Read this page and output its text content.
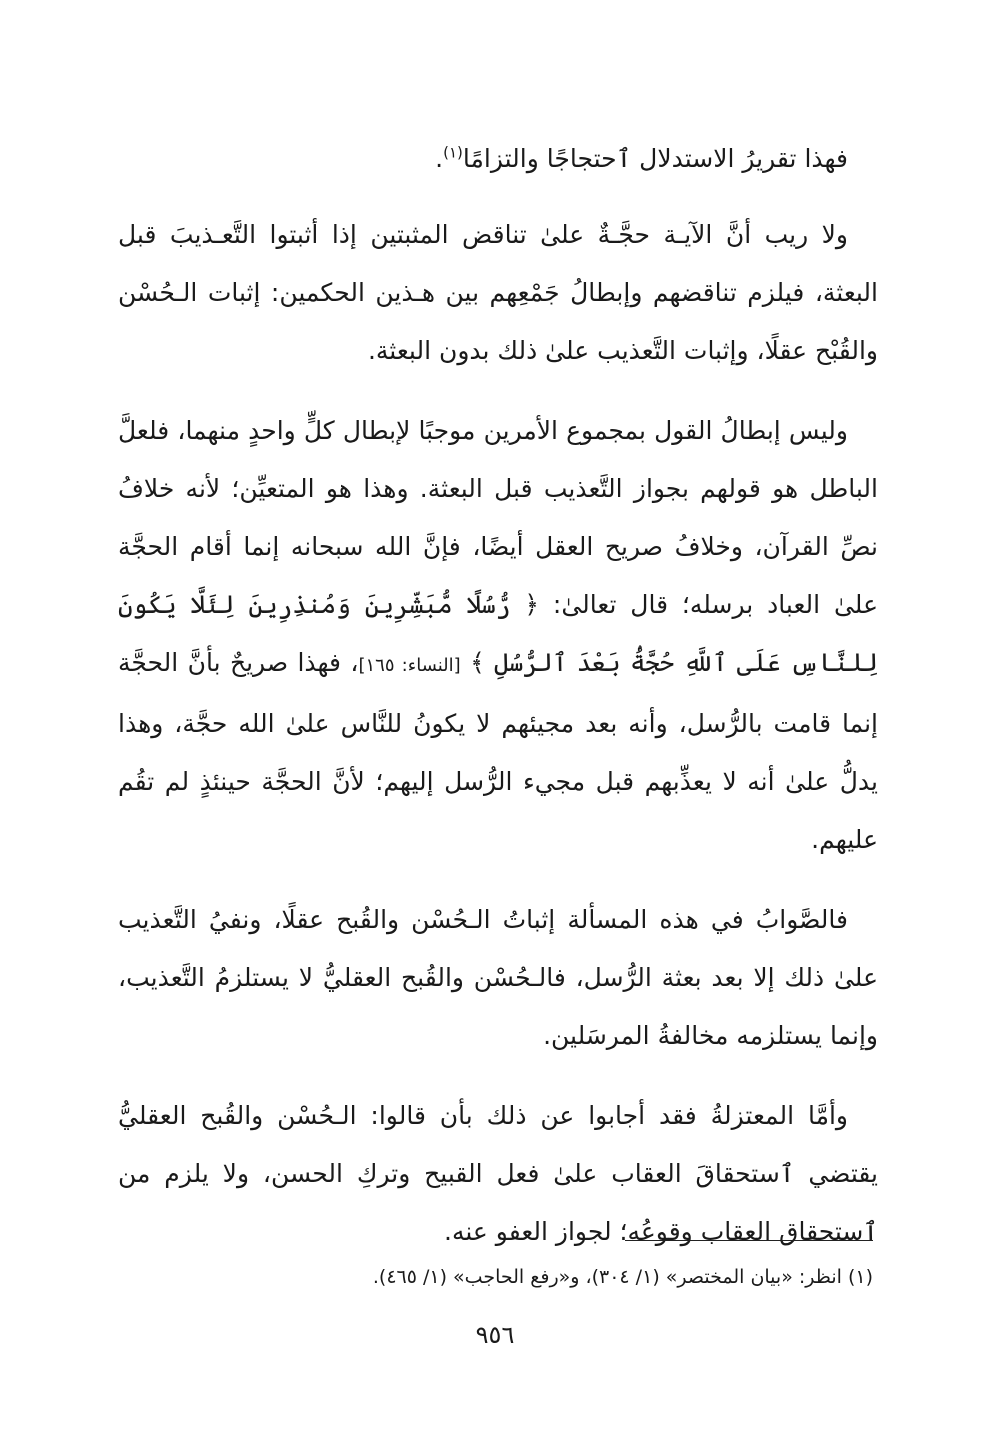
فهذا تقريرُ الاستدلال ٱحتجاجًا والتزامًا$^{(١)}$.

ولا ريب أنَّ الآيـة حجَّـةٌ علىٰ تناقض المثبتين إذا أثبتوا التَّعـذيبَ قبل البعثة، فيلزم تناقضهم وإبطالُ جَمْعِهم بين هـذين الحكمين: إثبات الـحُسْن والقُبْح عقلًا، وإثبات التَّعذيب علىٰ ذلك بدون البعثة.

وليس إبطالُ القول بمجموع الأمرين موجبًا لإبطال كلٍّ واحدٍ منهما، فلعلَّ الباطل هو قولهم بجواز التَّعذيب قبل البعثة. وهذا هو المتعيِّن؛ لأنه خلافُ نصِّ القرآن، وخلافُ صريح العقل أيضًا، فإنَّ الله سبحانه إنما أقام الحجَّة علىٰ العباد برسله؛ قال تعالىٰ: ﴿ رُّسُلًا مُّبَشِّرِينَ وَمُنذِرِينَ لِئَلَّا يَكُونَ لِلنَّاسِ عَلَى ٱللَّهِ حُجَّةُۢ بَعْدَ ٱلرُّسُلِ ﴾ [النساء: ١٦٥]، فهذا صريحٌ بأنَّ الحجَّة إنما قامت بالرُّسل، وأنه بعد مجيئهم لا يكونُ للنَّاس علىٰ الله حجَّة، وهذا يدلُّ علىٰ أنه لا يعذِّبهم قبل مجيء الرُّسل إليهم؛ لأنَّ الحجَّة حينئذٍ لم تقُم عليهم.

فالصَّوابُ في هذه المسألة إثباتُ الـحُسْن والقُبح عقلًا، ونفيُ التَّعذيب علىٰ ذلك إلا بعد بعثة الرُّسل، فالـحُسْن والقُبح العقليُّ لا يستلزمُ التَّعذيب، وإنما يستلزمه مخالفةُ المرسَلين.

وأمَّا المعتزلةُ فقد أجابوا عن ذلك بأن قالوا: الـحُسْن والقُبح العقليُّ يقتضي ٱستحقاقَ العقاب علىٰ فعل القبيح وتركِ الحسن، ولا يلزم من ٱستحقاق العقاب وقوعُه؛ لجواز العفو عنه.

(١) انظر: «بيان المختصر» (١/ ٣٠٤)، و«رفع الحاجب» (١/ ٤٦٥).
٩٥٦
